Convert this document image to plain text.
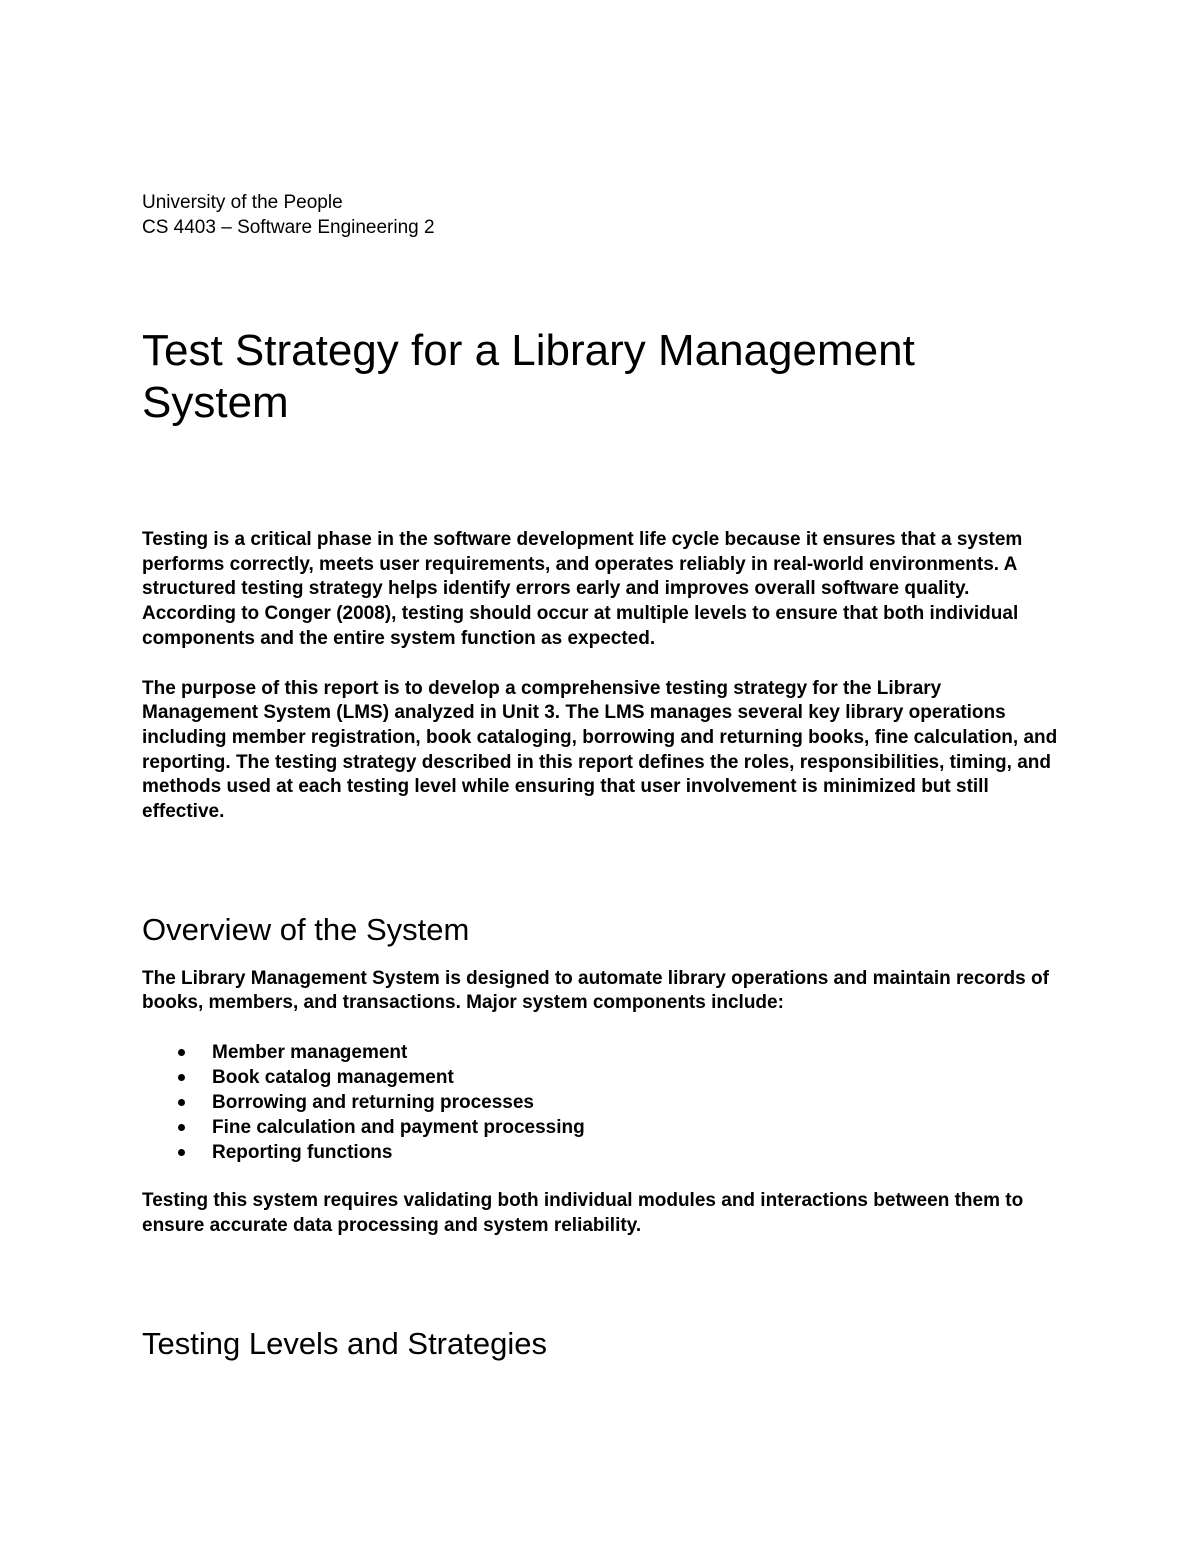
University of the People
CS 4403 – Software Engineering 2
Test Strategy for a Library Management System

Testing is a critical phase in the software development life cycle because it ensures that a system performs correctly, meets user requirements, and operates reliably in real-world environments. A structured testing strategy helps identify errors early and improves overall software quality. According to Conger (2008), testing should occur at multiple levels to ensure that both individual components and the entire system function as expected.

The purpose of this report is to develop a comprehensive testing strategy for the Library Management System (LMS) analyzed in Unit 3. The LMS manages several key library operations including member registration, book cataloging, borrowing and returning books, fine calculation, and reporting. The testing strategy described in this report defines the roles, responsibilities, timing, and methods used at each testing level while ensuring that user involvement is minimized but still effective.

Overview of the System

The Library Management System is designed to automate library operations and maintain records of books, members, and transactions. Major system components include:

Member management
Book catalog management
Borrowing and returning processes
Fine calculation and payment processing
Reporting functions

Testing this system requires validating both individual modules and interactions between them to ensure accurate data processing and system reliability.

Testing Levels and Strategies
